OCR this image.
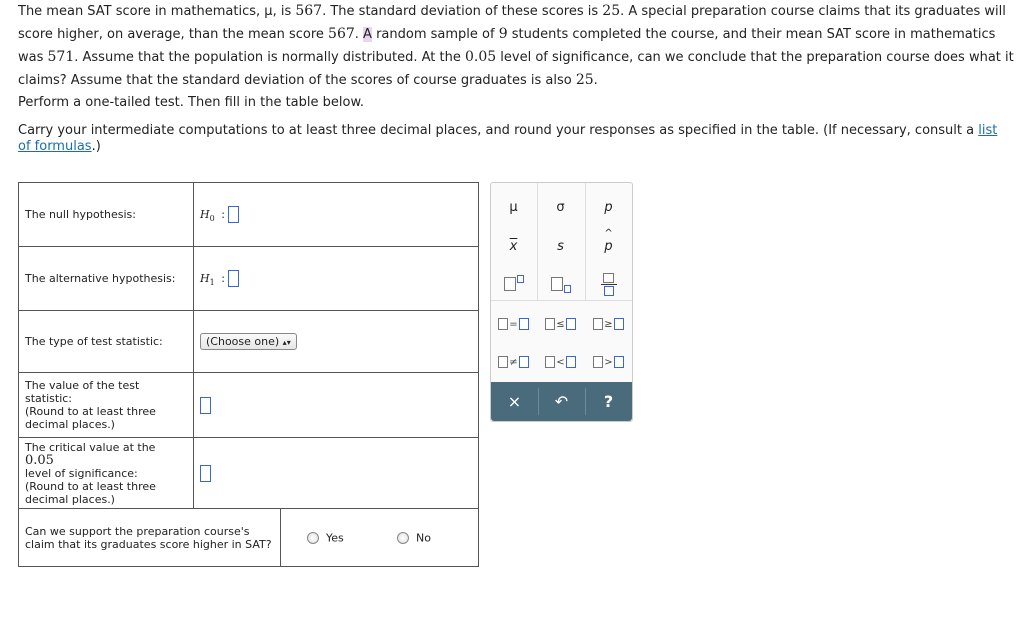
The mean SAT score in mathematics, μ, is 567. The standard deviation of these scores is 25. A special preparation course claims that its graduates will score higher, on average, than the mean score 567. A random sample of 9 students completed the course, and their mean SAT score in mathematics was 571. Assume that the population is normally distributed. At the 0.05 level of significance, can we conclude that the preparation course does what it claims? Assume that the standard deviation of the scores of course graduates is also 25.

Perform a one-tailed test. Then fill in the table below.
Carry your intermediate computations to at least three decimal places, and round your responses as specified in the table. (If necessary, consult a list of formulas.)
The null hypothesis:	$H_0$ :
The alternative hypothesis:	$H_1$ :
The type of test statistic:	(Choose one) ▴▾
The value of the test statistic:
(Round to at least three
decimal places.)	
The critical value at the 0.05
level of significance:
(Round to at least three
decimal places.)	

Can we support the preparation course's claim that its graduates score higher in SAT? Yes No	
μ	σ	p
$\overline{x}$	s
^
p
=	≤	≥
≠	<	>
× ↶ ?
